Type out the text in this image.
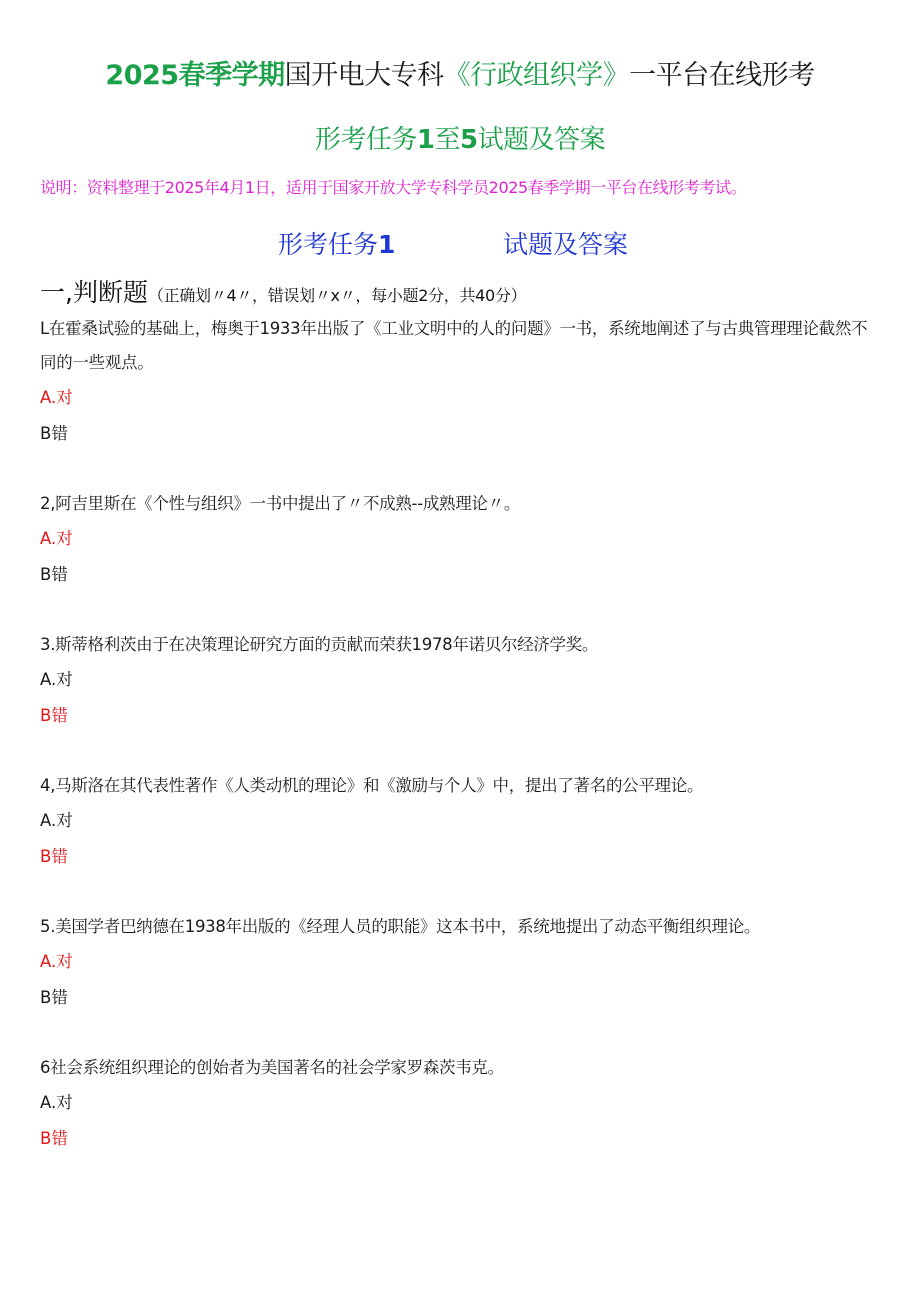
2025春季学期国开电大专科《行政组织学》一平台在线形考
形考任务1至5试题及答案
说明：资料整理于2025年4月1日，适用于国家开放大学专科学员2025春季学期一平台在线形考考试。
形考任务1	试题及答案
一,判断题（正确划〃4〃，错误划〃x〃，每小题2分，共40分）
L在霍桑试验的基础上，梅奥于1933年出版了《工业文明中的人的问题》一书，系统地阐述了与古典管理理论截然不同的一些观点。
A.对
B错
2,阿吉里斯在《个性与组织》一书中提出了〃不成熟--成熟理论〃。
A.对
B错
3.斯蒂格利茨由于在决策理论研究方面的贡献而荣获1978年诺贝尔经济学奖。
A.对
B错
4,马斯洛在其代表性著作《人类动机的理论》和《激励与个人》中，提出了著名的公平理论。
A.对
B错
5.美国学者巴纳德在1938年出版的《经理人员的职能》这本书中，系统地提出了动态平衡组织理论。
A.对
B错
6社会系统组织理论的创始者为美国著名的社会学家罗森茨韦克。
A.对
B错
